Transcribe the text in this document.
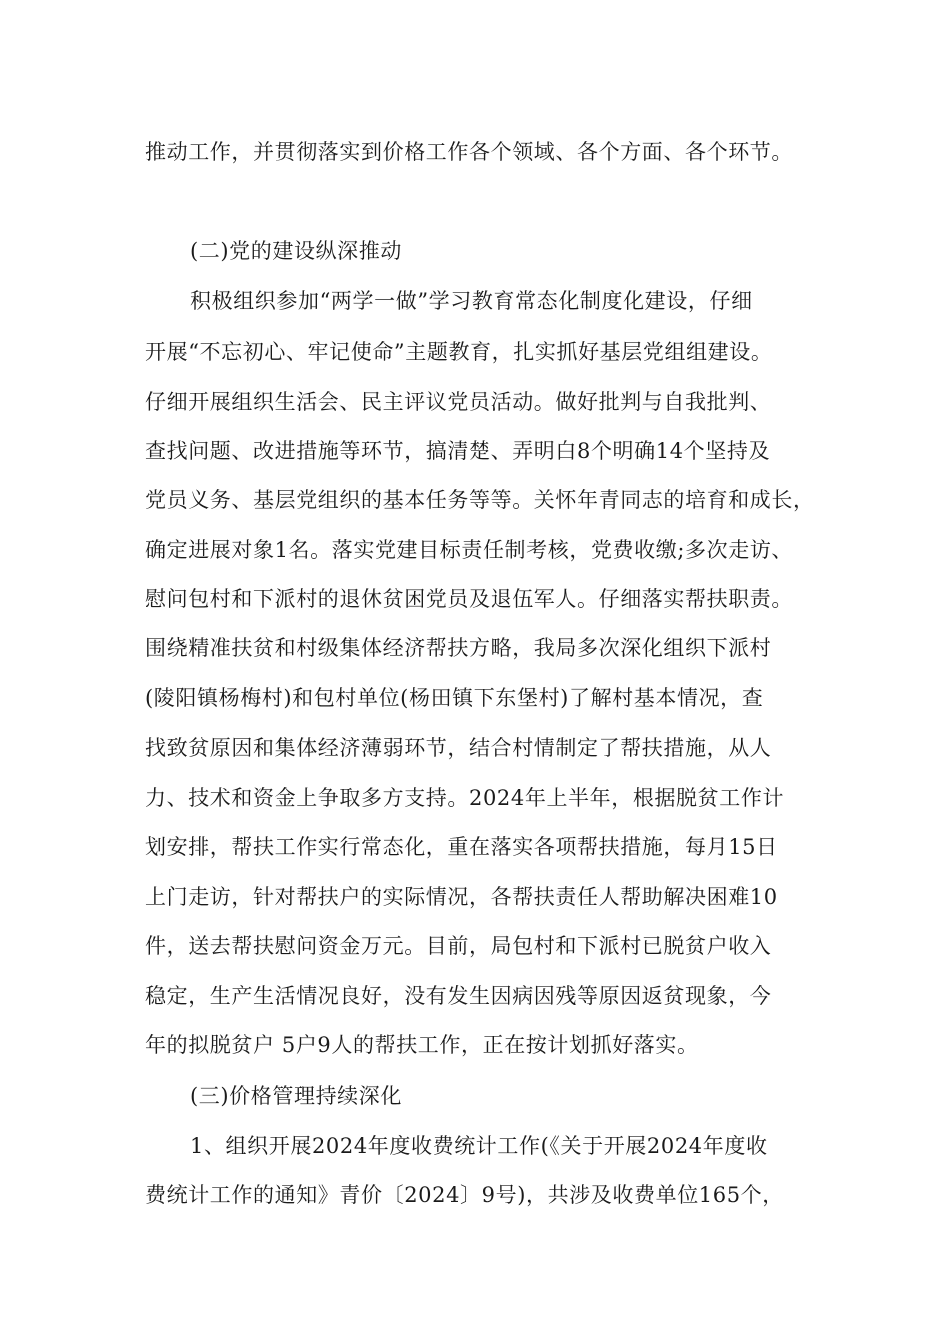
推动工作，并贯彻落实到价格工作各个领域、各个方面、各个环节。
(二)党的建设纵深推动
积极组织参加“两学一做”学习教育常态化制度化建设，仔细
开展“不忘初心、牢记使命”主题教育，扎实抓好基层党组组建设。
仔细开展组织生活会、民主评议党员活动。做好批判与自我批判、
查找问题、改进措施等环节，搞清楚、弄明白8个明确14个坚持及
党员义务、基层党组织的基本任务等等。关怀年青同志的培育和成长，
确定进展对象1名。落实党建目标责任制考核，党费收缴;多次走访、
慰问包村和下派村的退休贫困党员及退伍军人。仔细落实帮扶职责。
围绕精准扶贫和村级集体经济帮扶方略，我局多次深化组织下派村
(陵阳镇杨梅村)和包村单位(杨田镇下东堡村)了解村基本情况，查
找致贫原因和集体经济薄弱环节，结合村情制定了帮扶措施，从人
力、技术和资金上争取多方支持。2024年上半年，根据脱贫工作计
划安排，帮扶工作实行常态化，重在落实各项帮扶措施，每月15日
上门走访，针对帮扶户的实际情况，各帮扶责任人帮助解决困难10
件，送去帮扶慰问资金万元。目前，局包村和下派村已脱贫户收入
稳定，生产生活情况良好，没有发生因病因残等原因返贫现象，今
年的拟脱贫户 5户9人的帮扶工作，正在按计划抓好落实。
(三)价格管理持续深化
1、组织开展2024年度收费统计工作(《关于开展2024年度收
费统计工作的通知》青价〔2024〕9号)，共涉及收费单位165个，
